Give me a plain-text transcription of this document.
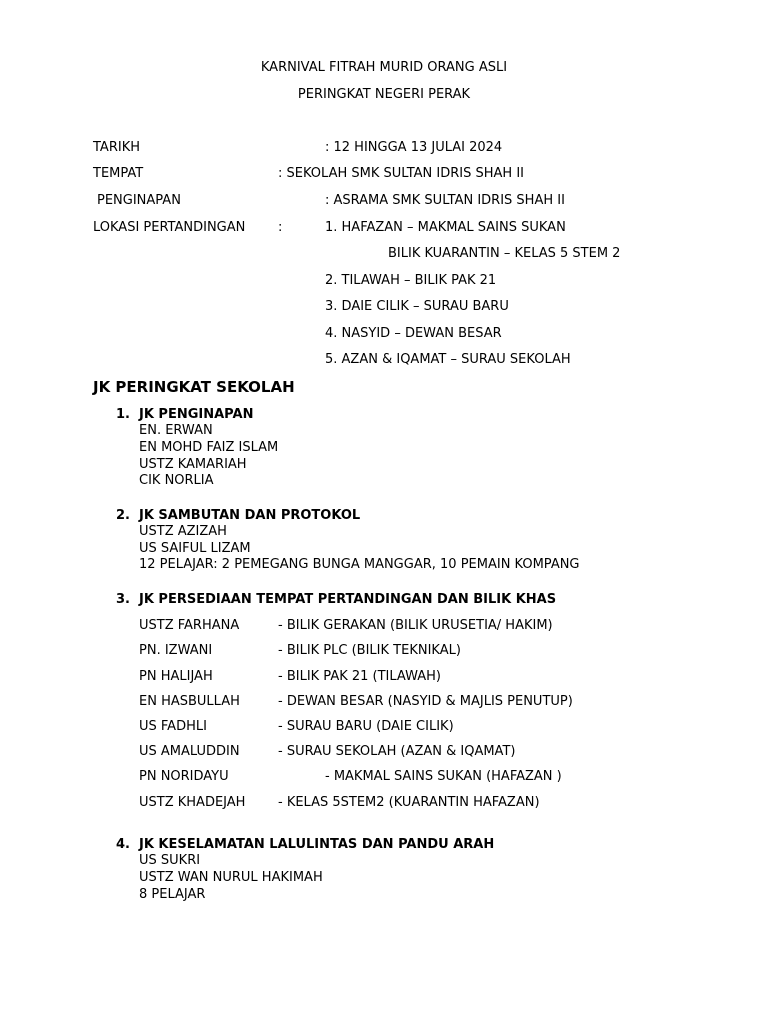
KARNIVAL FITRAH MURID ORANG ASLI
PERINGKAT NEGERI PERAK
TARIKH	: 12 HINGGA 13 JULAI 2024
TEMPAT	: SEKOLAH SMK SULTAN IDRIS SHAH II
PENGINAPAN	: ASRAMA SMK SULTAN IDRIS SHAH II
LOKASI PERTANDINGAN	:	1. HAFAZAN – MAKMAL SAINS SUKAN
BILIK KUARANTIN – KELAS 5 STEM 2
2. TILAWAH – BILIK PAK 21
3. DAIE CILIK – SURAU BARU
4. NASYID – DEWAN BESAR
5. AZAN & IQAMAT – SURAU SEKOLAH
JK PERINGKAT SEKOLAH
1. JK PENGINAPAN
EN. ERWAN
EN MOHD FAIZ ISLAM
USTZ KAMARIAH
CIK NORLIA
2. JK SAMBUTAN DAN PROTOKOL
USTZ AZIZAH
US SAIFUL LIZAM
12 PELAJAR: 2 PEMEGANG BUNGA MANGGAR, 10 PEMAIN KOMPANG
3. JK PERSEDIAAN TEMPAT PERTANDINGAN DAN BILIK KHAS
USTZ FARHANA	- BILIK GERAKAN (BILIK URUSETIA/ HAKIM)
PN. IZWANI	- BILIK PLC (BILIK TEKNIKAL)
PN HALIJAH	- BILIK PAK 21 (TILAWAH)
EN HASBULLAH	- DEWAN BESAR (NASYID & MAJLIS PENUTUP)
US FADHLI	- SURAU BARU (DAIE CILIK)
US AMALUDDIN	- SURAU SEKOLAH (AZAN & IQAMAT)
PN NORIDAYU	- MAKMAL SAINS SUKAN (HAFAZAN )
USTZ KHADEJAH	- KELAS 5STEM2 (KUARANTIN HAFAZAN)
4. JK KESELAMATAN LALULINTAS DAN PANDU ARAH
US SUKRI
USTZ WAN NURUL HAKIMAH
8 PELAJAR
